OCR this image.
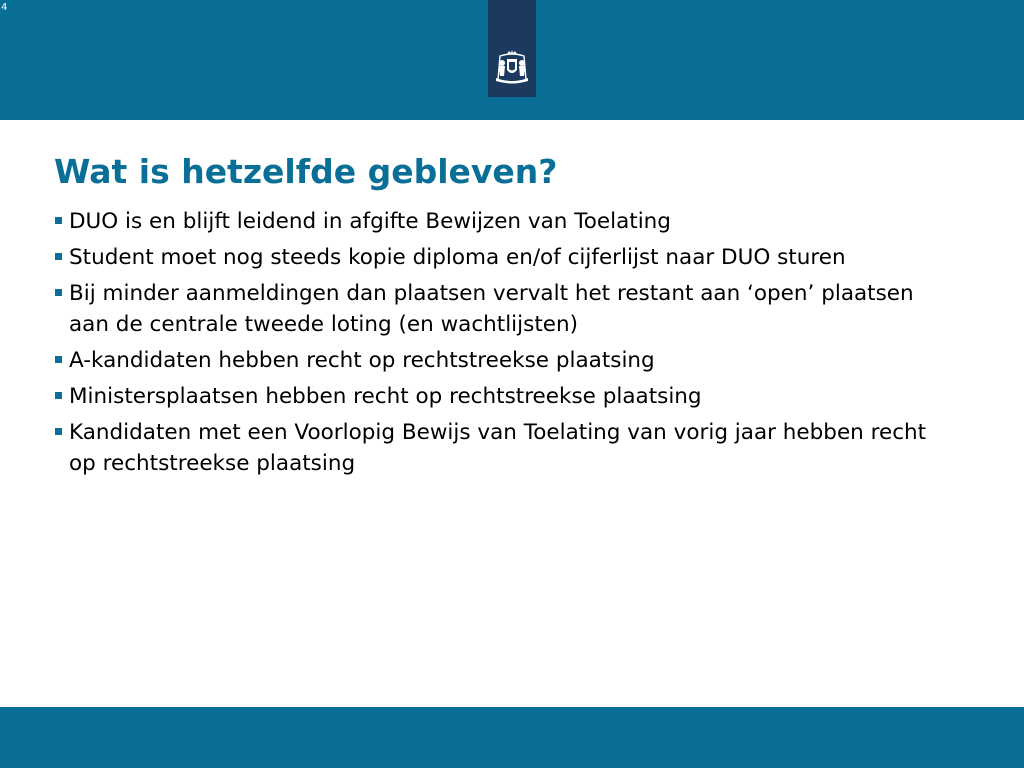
4
Wat is hetzelfde gebleven?
DUO is en blijft leidend in afgifte Bewijzen van Toelating
Student moet nog steeds kopie diploma en/of cijferlijst naar DUO sturen
Bij minder aanmeldingen dan plaatsen vervalt het restant aan ‘open’ plaatsen aan de centrale tweede loting (en wachtlijsten)
A-kandidaten hebben recht op rechtstreekse plaatsing
Ministersplaatsen hebben recht op rechtstreekse plaatsing
Kandidaten met een Voorlopig Bewijs van Toelating van vorig jaar hebben recht op rechtstreekse plaatsing
